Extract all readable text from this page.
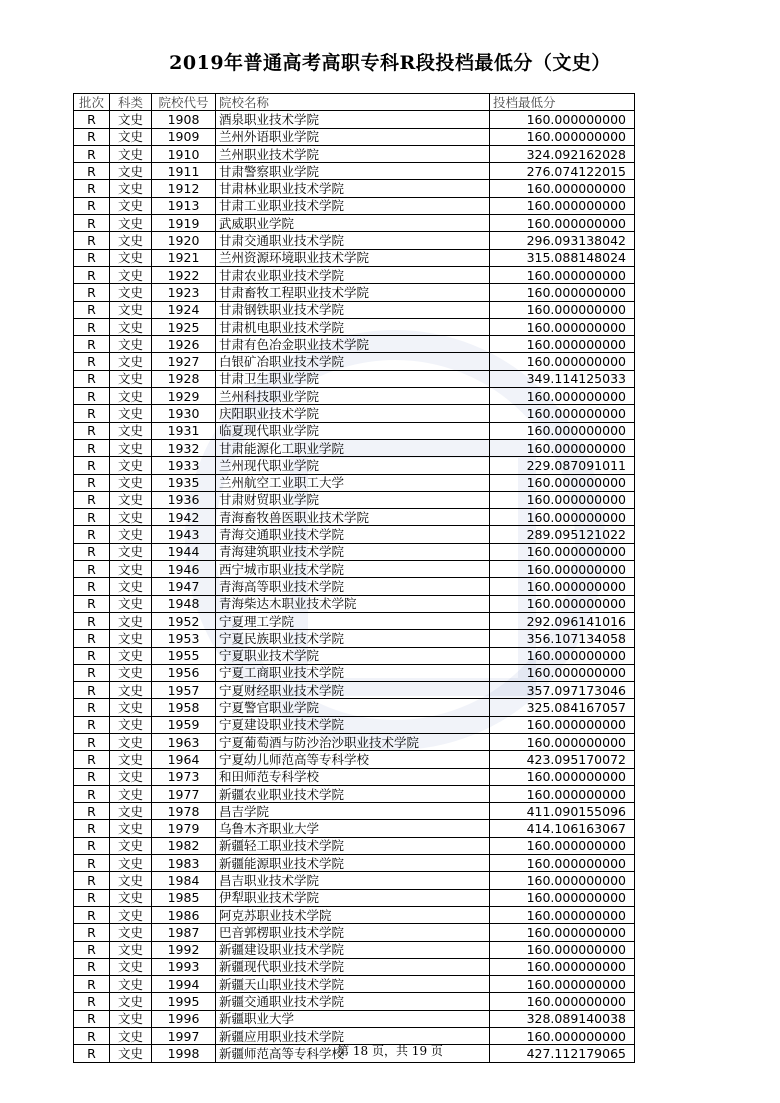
2019年普通高考高职专科R段投档最低分（文史）
批次	科类	院校代号	院校名称	投档最低分
R	文史	1908	酒泉职业技术学院	160.000000000
R	文史	1909	兰州外语职业学院	160.000000000
R	文史	1910	兰州职业技术学院	324.092162028
R	文史	1911	甘肃警察职业学院	276.074122015
R	文史	1912	甘肃林业职业技术学院	160.000000000
R	文史	1913	甘肃工业职业技术学院	160.000000000
R	文史	1919	武威职业学院	160.000000000
R	文史	1920	甘肃交通职业技术学院	296.093138042
R	文史	1921	兰州资源环境职业技术学院	315.088148024
R	文史	1922	甘肃农业职业技术学院	160.000000000
R	文史	1923	甘肃畜牧工程职业技术学院	160.000000000
R	文史	1924	甘肃钢铁职业技术学院	160.000000000
R	文史	1925	甘肃机电职业技术学院	160.000000000
R	文史	1926	甘肃有色冶金职业技术学院	160.000000000
R	文史	1927	白银矿冶职业技术学院	160.000000000
R	文史	1928	甘肃卫生职业学院	349.114125033
R	文史	1929	兰州科技职业学院	160.000000000
R	文史	1930	庆阳职业技术学院	160.000000000
R	文史	1931	临夏现代职业学院	160.000000000
R	文史	1932	甘肃能源化工职业学院	160.000000000
R	文史	1933	兰州现代职业学院	229.087091011
R	文史	1935	兰州航空工业职工大学	160.000000000
R	文史	1936	甘肃财贸职业学院	160.000000000
R	文史	1942	青海畜牧兽医职业技术学院	160.000000000
R	文史	1943	青海交通职业技术学院	289.095121022
R	文史	1944	青海建筑职业技术学院	160.000000000
R	文史	1946	西宁城市职业技术学院	160.000000000
R	文史	1947	青海高等职业技术学院	160.000000000
R	文史	1948	青海柴达木职业技术学院	160.000000000
R	文史	1952	宁夏理工学院	292.096141016
R	文史	1953	宁夏民族职业技术学院	356.107134058
R	文史	1955	宁夏职业技术学院	160.000000000
R	文史	1956	宁夏工商职业技术学院	160.000000000
R	文史	1957	宁夏财经职业技术学院	357.097173046
R	文史	1958	宁夏警官职业学院	325.084167057
R	文史	1959	宁夏建设职业技术学院	160.000000000
R	文史	1963	宁夏葡萄酒与防沙治沙职业技术学院	160.000000000
R	文史	1964	宁夏幼儿师范高等专科学校	423.095170072
R	文史	1973	和田师范专科学校	160.000000000
R	文史	1977	新疆农业职业技术学院	160.000000000
R	文史	1978	昌吉学院	411.090155096
R	文史	1979	乌鲁木齐职业大学	414.106163067
R	文史	1982	新疆轻工职业技术学院	160.000000000
R	文史	1983	新疆能源职业技术学院	160.000000000
R	文史	1984	昌吉职业技术学院	160.000000000
R	文史	1985	伊犁职业技术学院	160.000000000
R	文史	1986	阿克苏职业技术学院	160.000000000
R	文史	1987	巴音郭楞职业技术学院	160.000000000
R	文史	1992	新疆建设职业技术学院	160.000000000
R	文史	1993	新疆现代职业技术学院	160.000000000
R	文史	1994	新疆天山职业技术学院	160.000000000
R	文史	1995	新疆交通职业技术学院	160.000000000
R	文史	1996	新疆职业大学	328.089140038
R	文史	1997	新疆应用职业技术学院	160.000000000
R	文史	1998	新疆师范高等专科学校	427.112179065
第 18 页，共 19 页
